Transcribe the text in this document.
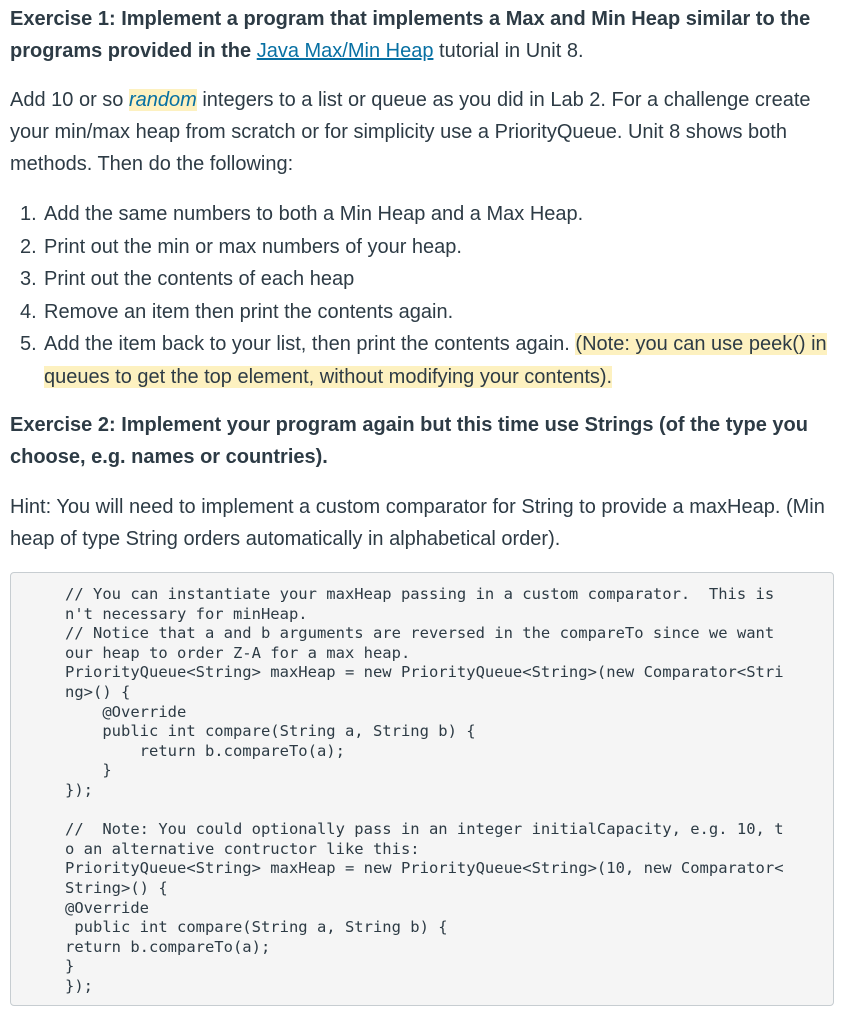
Exercise 1: Implement a program that implements a Max and Min Heap similar to the programs provided in the Java Max/Min Heap tutorial in Unit 8.

Add 10 or so random integers to a list or queue as you did in Lab 2. For a challenge create your min/max heap from scratch or for simplicity use a PriorityQueue. Unit 8 shows both methods. Then do the following:

1. Add the same numbers to both a Min Heap and a Max Heap.
2. Print out the min or max numbers of your heap.
3. Print out the contents of each heap
4. Remove an item then print the contents again.
5. Add the item back to your list, then print the contents again. (Note: you can use peek() in queues to get the top element, without modifying your contents).

Exercise 2: Implement your program again but this time use Strings (of the type you choose, e.g. names or countries).

Hint: You will need to implement a custom comparator for String to provide a maxHeap. (Min heap of type String orders automatically in alphabetical order).

// You can instantiate your maxHeap passing in a custom comparator.  This is
n't necessary for minHeap.
// Notice that a and b arguments are reversed in the compareTo since we want
our heap to order Z-A for a max heap.
PriorityQueue<String> maxHeap = new PriorityQueue<String>(new Comparator<Stri
ng>() {
@Override
public int compare(String a, String b) {
return b.compareTo(a);
}
});

//  Note: You could optionally pass in an integer initialCapacity, e.g. 10, t
o an alternative contructor like this:
PriorityQueue<String> maxHeap = new PriorityQueue<String>(10, new Comparator<
String>() {
@Override
public int compare(String a, String b) {
return b.compareTo(a);
}
});
